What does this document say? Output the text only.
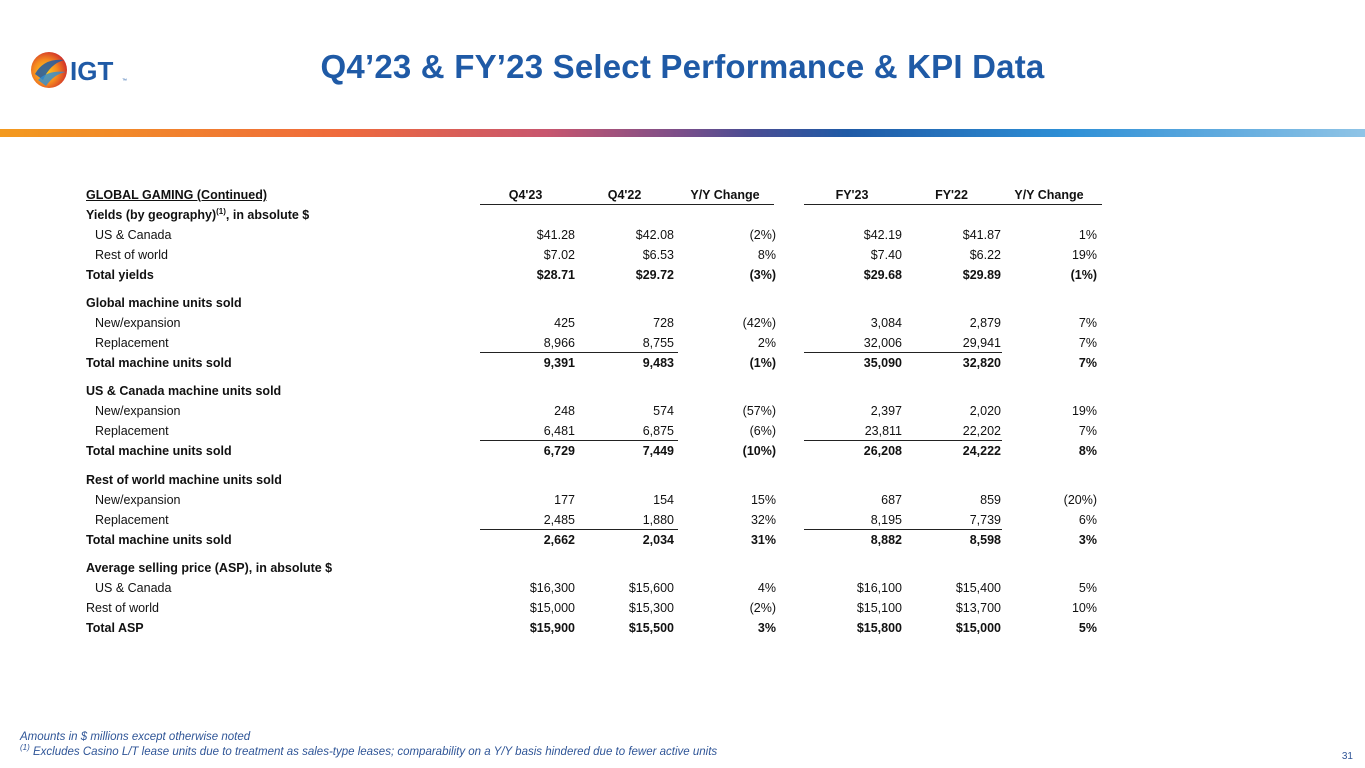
IGT ™	Q4’23 & FY’23 Select Performance & KPI Data
GLOBAL GAMING (Continued)	Q4'23	Q4'22	Y/Y Change	FY'23	FY'22	Y/Y Change
Yields (by geography)$^{(1)}$, in absolute $
US & Canada	$41.28	$42.08	(2%)	$42.19	$41.87	1%
Rest of world	$7.02	$6.53	8%	$7.40	$6.22	19%
Total yields	$28.71	$29.72	(3%)	$29.68	$29.89	(1%)
Global machine units sold
New/expansion	425	728	(42%)	3,084	2,879	7%
Replacement	8,966	8,755	2%	32,006	29,941	7%
Total machine units sold	9,391	9,483	(1%)	35,090	32,820	7%
US & Canada machine units sold
New/expansion	248	574	(57%)	2,397	2,020	19%
Replacement	6,481	6,875	(6%)	23,811	22,202	7%
Total machine units sold	6,729	7,449	(10%)	26,208	24,222	8%
Rest of world machine units sold
New/expansion	177	154	15%	687	859	(20%)
Replacement	2,485	1,880	32%	8,195	7,739	6%
Total machine units sold	2,662	2,034	31%	8,882	8,598	3%
Average selling price (ASP), in absolute $
US & Canada	$16,300	$15,600	4%	$16,100	$15,400	5%
Rest of world	$15,000	$15,300	(2%)	$15,100	$13,700	10%
Total ASP	$15,900	$15,500	3%	$15,800	$15,000	5%
Amounts in $ millions except otherwise noted
$^{(1)}$ Excludes Casino L/T lease units due to treatment as sales-type leases; comparability on a Y/Y basis hindered due to fewer active units	31
